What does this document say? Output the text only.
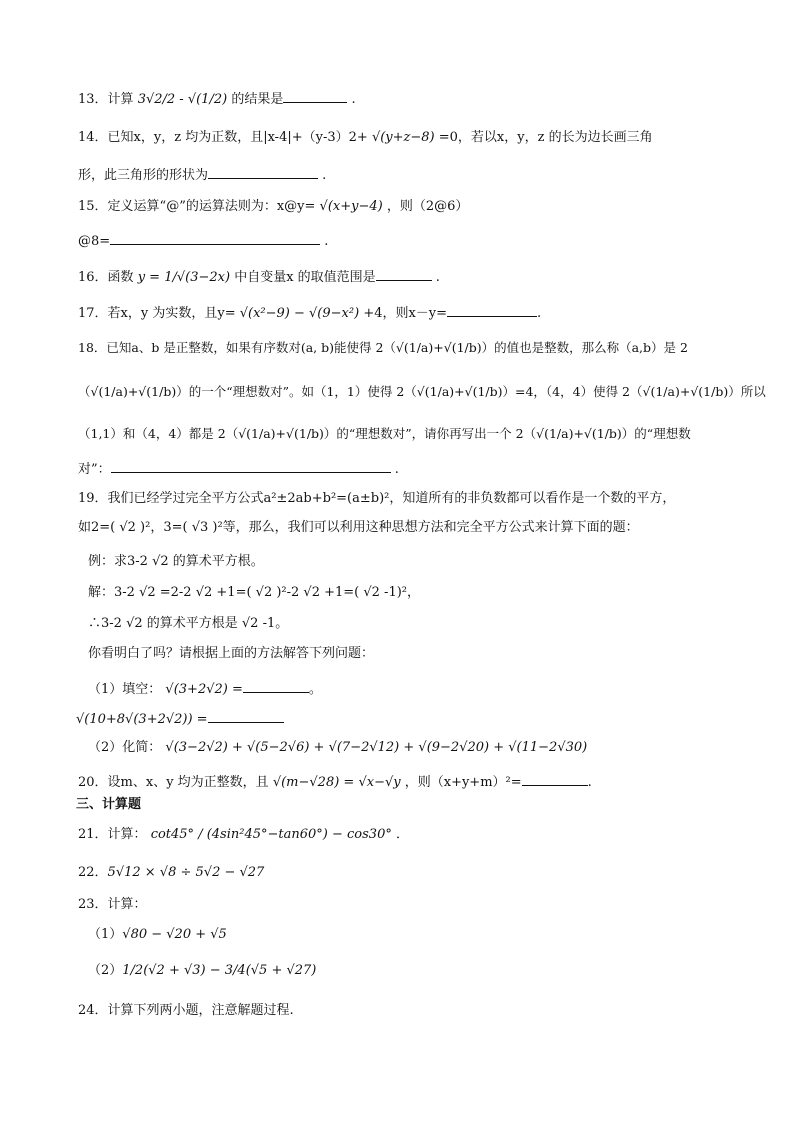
13．计算 3√2/2 - √(1/2) 的结果是	.
14．已知x，y，z 均为正数，且|x-4|+（y-3）2+ √(y+z−8) =0，若以x，y，z 的长为边长画三角
形，此三角形的形状为	.
15．定义运算“@”的运算法则为：x@y= √(x+y−4) ，则（2@6）
@8=	.
16．函数 y = 1/√(3−2x) 中自变量x 的取值范围是	.
17．若x，y 为实数，且y= √(x²−9) − √(9−x²) +4，则x－y=	.
18．已知a、b 是正整数，如果有序数对(a, b)能使得 2（√(1/a)+√(1/b)）的值也是整数，那么称（a,b）是 2
（√(1/a)+√(1/b)）的一个“理想数对”。如（1，1）使得 2（√(1/a)+√(1/b)）=4，（4，4）使得 2（√(1/a)+√(1/b)）所以
（1,1）和（4，4）都是 2（√(1/a)+√(1/b)）的“理想数对”，请你再写出一个 2（√(1/a)+√(1/b)）的“理想数
对”：	.
19．我们已经学过完全平方公式a²±2ab+b²=(a±b)²，知道所有的非负数都可以看作是一个数的平方，
如2=( √2 )²，3=( √3 )²等，那么，我们可以利用这种思想方法和完全平方公式来计算下面的题：
例：求3-2 √2 的算术平方根。
解：3-2 √2 =2-2 √2 +1=( √2 )²-2 √2 +1=( √2 -1)²，
∴3-2 √2 的算术平方根是 √2 -1。
你看明白了吗？请根据上面的方法解答下列问题：
（1）填空： √(3+2√2) =	。
√(10+8√(3+2√2)) =
（2）化简： √(3−2√2) + √(5−2√6) + √(7−2√12) + √(9−2√20) + √(11−2√30)
20．设m、x、y 均为正整数，且 √(m−√28) = √x−√y ，则（x+y+m）²=	.
三、计算题
21．计算： cot45° / (4sin²45°−tan60°) − cos30° ．
22．5√12 × √8 ÷ 5√2 − √27
23．计算：
（1）√80 − √20 + √5
（2）1/2(√2 + √3) − 3/4(√5 + √27)
24．计算下列两小题，注意解题过程.
